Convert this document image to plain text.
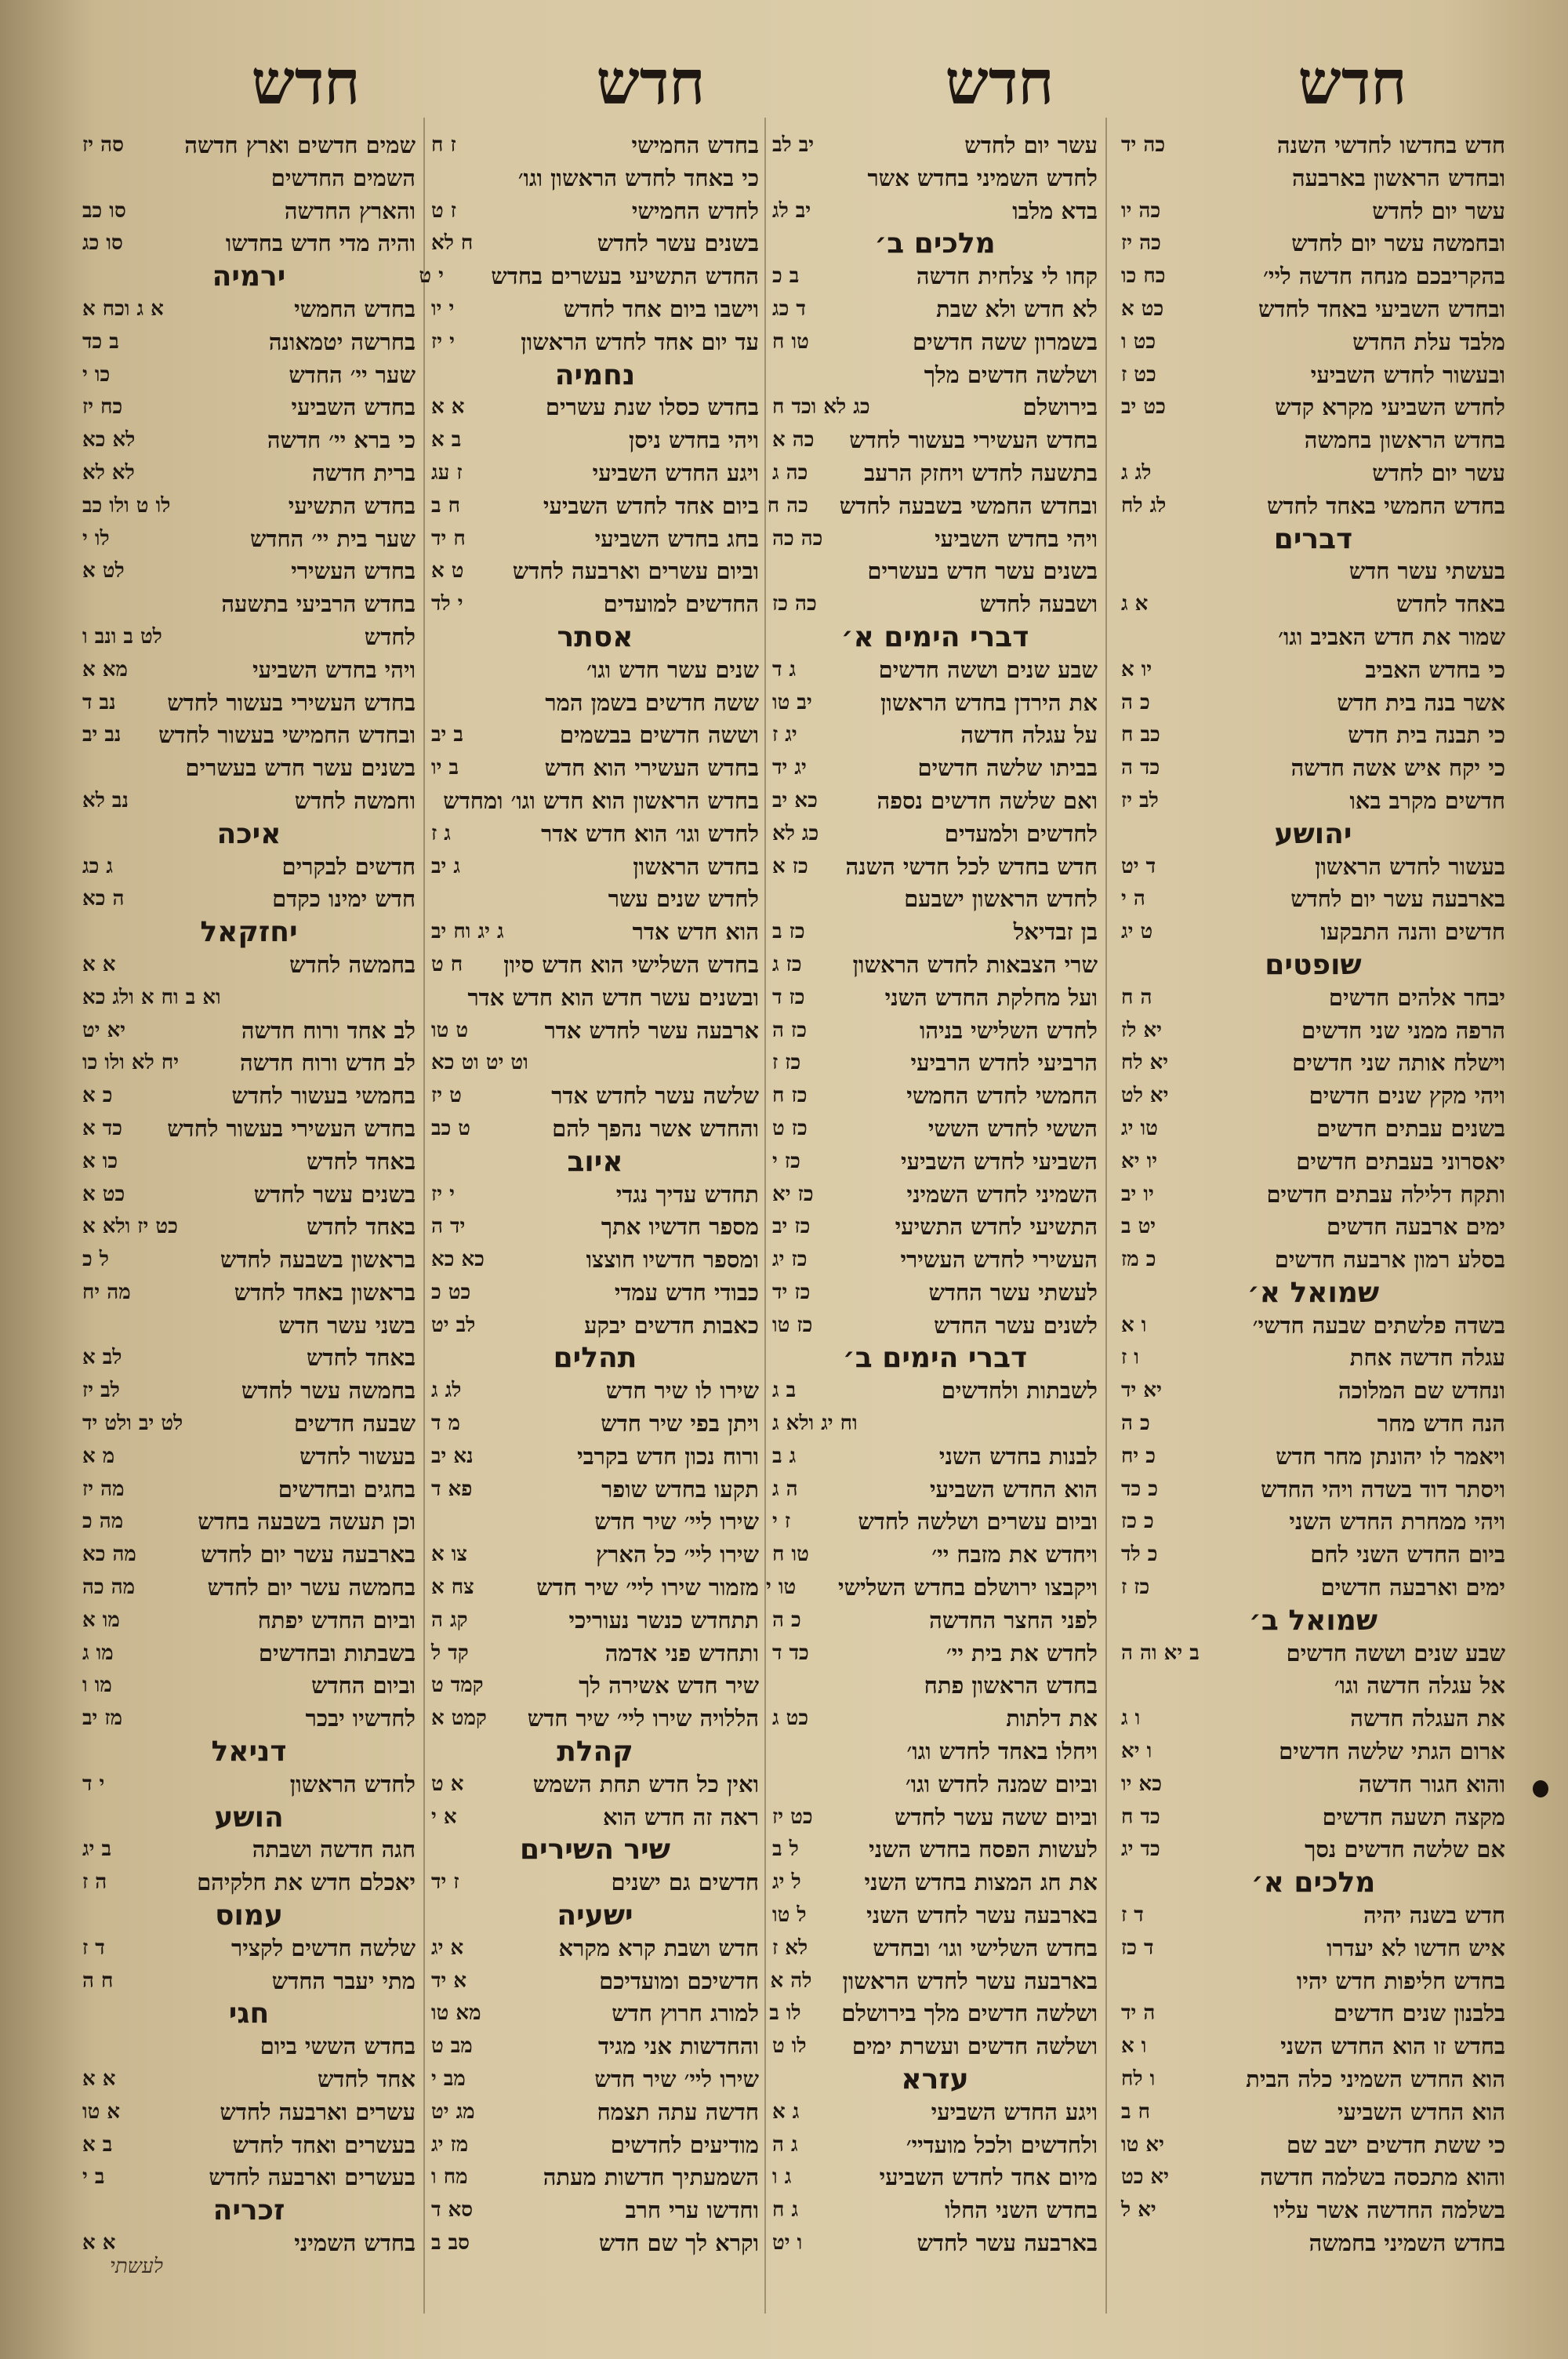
חדש
חדש
חדש
חדש
חדש בחדשו לחדשי השנה
כה יד
ובחדש הראשון בארבעה
עשר יום לחדש
כה יו
ובחמשה עשר יום לחדש
כה יז
בהקריבכם מנחה חדשה ליי׳
כח כו
ובחדש השביעי באחד לחדש
כט א
מלבד עלת החדש
כט ו
ובעשור לחדש השביעי
כט ז
לחדש השביעי מקרא קדש
כט יב
בחדש הראשון בחמשה
עשר יום לחדש
לג ג
בחדש החמשי באחד לחדש
לג לח
דברים
בעשתי עשר חדש
באחד לחדש
א ג
שמור את חדש האביב וגו׳
כי בחדש האביב
יו א
אשר בנה בית חדש
כ ה
כי תבנה בית חדש
כב ח
כי יקח איש אשה חדשה
כד ה
חדשים מקרב באו
לב יז
יהושע
בעשור לחדש הראשון
ד יט
בארבעה עשר יום לחדש
ה י
חדשים והנה התבקעו
ט יג
שופטים
יבחר אלהים חדשים
ה ח
הרפה ממני שני חדשים
יא לז
וישלח אותה שני חדשים
יא לח
ויהי מקץ שנים חדשים
יא לט
בשנים עבתים חדשים
טו יג
יאסרוני בעבתים חדשים
יו יא
ותקח דלילה עבתים חדשים
יו יב
ימים ארבעה חדשים
יט ב
בסלע רמון ארבעה חדשים
כ מז
שמואל א׳
בשדה פלשתים שבעה חדשי׳
ו א
עגלה חדשה אחת
ו ז
ונחדש שם המלוכה
יא יד
הנה חדש מחר
כ ה
ויאמר לו יהונתן מחר חדש
כ יח
ויסתר דוד בשדה ויהי החדש
כ כד
ויהי ממחרת החדש השני
כ כז
ביום החדש השני לחם
כ לד
ימים וארבעה חדשים
כז ז
שמואל ב׳
שבע שנים וששה חדשים
ב יא וה ה
אל עגלה חדשה וגו׳
את העגלה חדשה
ו ג
ארום הגתי שלשה חדשים
ו יא
והוא חגור חדשה
כא יו
מקצה תשעה חדשים
כד ח
אם שלשה חדשים נסך
כד יג
מלכים א׳
חדש בשנה יהיה
ד ז
איש חדשו לא יעדרו
ד כז
בחדש חליפות חדש יהיו
בלבנון שנים חדשים
ה יד
בחדש זו הוא החדש השני
ו א
הוא החדש השמיני כלה הבית
ו לח
הוא החדש השביעי
ח ב
כי ששת חדשים ישב שם
יא טו
והוא מתכסה בשלמה חדשה
יא כט
בשלמה החדשה אשר עליו
יא ל
בחדש השמיני בחמשה
עשר יום לחדש
יב לב
לחדש השמיני בחדש אשר
בדא מלבו
יב לג
מלכים ב׳
קחו לי צלחית חדשה
ב כ
לא חדש ולא שבת
ד כג
בשמרון ששה חדשים
טו ח
ושלשה חדשים מלך
בירושלם
כג לא וכד ח
בחדש העשירי בעשור לחדש
כה א
בתשעה לחדש ויחזק הרעב
כה ג
ובחדש החמשי בשבעה לחדש
כה ח
ויהי בחדש השביעי
כה כה
בשנים עשר חדש בעשרים
ושבעה לחדש
כה כז
דברי הימים א׳
שבע שנים וששה חדשים
ג ד
את הירדן בחדש הראשון
יב טו
על עגלה חדשה
יג ז
בביתו שלשה חדשים
יג יד
ואם שלשה חדשים נספה
כא יב
לחדשים ולמעדים
כג לא
חדש בחדש לכל חדשי השנה
כז א
לחדש הראשון ישבעם
בן זבדיאל
כז ב
שרי הצבאות לחדש הראשון
כז ג
ועל מחלקת החדש השני
כז ד
לחדש השלישי בניהו
כז ה
הרביעי לחדש הרביעי
כז ז
החמשי לחדש החמשי
כז ח
הששי לחדש הששי
כז ט
השביעי לחדש השביעי
כז י
השמיני לחדש השמיני
כז יא
התשיעי לחדש התשיעי
כז יב
העשירי לחדש העשירי
כז יג
לעשתי עשר החדש
כז יד
לשנים עשר החדש
כז טו
דברי הימים ב׳
לשבתות ולחדשים
ב ג
וח יג ולא ג
לבנות בחדש השני
ג ב
הוא החדש השביעי
ה ג
וביום עשרים ושלשה לחדש
ז י
ויחדש את מזבח יי׳
טו ח
ויקבצו ירושלם בחדש השלישי
טו י
לפני החצר החדשה
כ ה
לחדש את בית יי׳
כד ד
בחדש הראשון פתח
את דלתות
כט ג
ויחלו באחד לחדש וגו׳
וביום שמנה לחדש וגו׳
וביום ששה עשר לחדש
כט יז
לעשות הפסח בחדש השני
ל ב
את חג המצות בחדש השני
ל יג
בארבעה עשר לחדש השני
ל טו
בחדש השלישי וגו׳ ובחדש
לא ז
בארבעה עשר לחדש הראשון
לה א
ושלשה חדשים מלך בירושלם
לו ב
ושלשה חדשים ועשרת ימים
לו ט
עזרא
ויגע החדש השביעי
ג א
ולחדשים ולכל מועדיי׳
ג ה
מיום אחד לחדש השביעי
ג ו
בחדש השני החלו
ג ח
בארבעה עשר לחדש
ו יט
בחדש החמישי
ז ח
כי באחד לחדש הראשון וגו׳
לחדש החמישי
ז ט
בשנים עשר לחדש
ח לא
החדש התשיעי בעשרים בחדש
י ט
וישבו ביום אחד לחדש
י יו
עד יום אחד לחדש הראשון
י יז
נחמיה
בחדש כסלו שנת עשרים
א א
ויהי בחדש ניסן
ב א
ויגע החדש השביעי
ז עג
ביום אחד לחדש השביעי
ח ב
בחג בחדש השביעי
ח יד
וביום עשרים וארבעה לחדש
ט א
החדשים למועדים
י לד
אסתר
שנים עשר חדש וגו׳
ששה חדשים בשמן המר
וששה חדשים בבשמים
ב יב
בחדש העשירי הוא חדש
ב יו
בחדש הראשון הוא חדש וגו׳ ומחדש
לחדש וגו׳ הוא חדש אדר
ג ז
בחדש הראשון
ג יב
לחדש שנים עשר
הוא חדש אדר
ג יג וח יב
בחדש השלישי הוא חדש סיון
ח ט
ובשנים עשר חדש הוא חדש אדר
ארבעה עשר לחדש אדר
ט טו
וט יט וט כא
שלשה עשר לחדש אדר
ט יז
והחדש אשר נהפך להם
ט כב
איוב
תחדש עדיך נגדי
י יז
מספר חדשיו אתך
יד ה
ומספר חדשיו חוצצו
כא כא
כבודי חדש עמדי
כט כ
כאבות חדשים יבקע
לב יט
תהלים
שירו לו שיר חדש
לג ג
ויתן בפי שיר חדש
מ ד
ורוח נכון חדש בקרבי
נא יב
תקעו בחדש שופר
פא ד
שירו ליי׳ שיר חדש
שירו ליי׳ כל הארץ
צו א
מזמור שירו ליי׳ שיר חדש
צח א
תתחדש כנשר נעוריכי
קג ה
ותחדש פני אדמה
קד ל
שיר חדש אשירה לך
קמד ט
הללויה שירו ליי׳ שיר חדש
קמט א
קהלת
ואין כל חדש תחת השמש
א ט
ראה זה חדש הוא
א י
שיר השירים
חדשים גם ישנים
ז יד
ישעיה
חדש ושבת קרא מקרא
א יג
חדשיכם ומועדיכם
א יד
למורג חרוץ חדש
מא טו
והחדשות אני מגיד
מב ט
שירו ליי׳ שיר חדש
מב י
חדשה עתה תצמח
מג יט
מודיעים לחדשים
מז יג
השמעתיך חדשות מעתה
מח ו
וחדשו ערי חרב
סא ד
וקרא לך שם חדש
סב ב
שמים חדשים וארץ חדשה
סה יז
השמים החדשים
והארץ החדשה
סו כב
והיה מדי חדש בחדשו
סו כג
ירמיה
בחדש החמשי
א ג וכח א
בחרשה יטמאונה
ב כד
שער יי׳ החדש
כו י
בחדש השביעי
כח יז
כי ברא יי׳ חדשה
לא כא
ברית חדשה
לא לא
בחדש התשיעי
לו ט ולו כב
שער בית יי׳ החדש
לו י
בחדש העשירי
לט א
בחדש הרביעי בתשעה
לחדש
לט ב ונב ו
ויהי בחדש השביעי
מא א
בחדש העשירי בעשור לחדש
נב ד
ובחדש החמישי בעשור לחדש
נב יב
בשנים עשר חדש בעשרים
וחמשה לחדש
נב לא
איכה
חדשים לבקרים
ג כג
חדש ימינו כקדם
ה כא
יחזקאל
בחמשה לחדש
א א
וא ב וח א ולג כא
לב אחד ורוח חדשה
יא יט
לב חדש ורוח חדשה
יח לא ולו כו
בחמשי בעשור לחדש
כ א
בחדש העשירי בעשור לחדש
כד א
באחד לחדש
כו א
בשנים עשר לחדש
כט א
באחד לחדש
כט יז ולא א
בראשון בשבעה לחדש
ל כ
בראשון באחד לחדש
מה יח
בשני עשר חדש
באחד לחדש
לב א
בחמשה עשר לחדש
לב יז
שבעה חדשים
לט יב ולט יד
בעשור לחדש
מ א
בחגים ובחדשים
מה יז
וכן תעשה בשבעה בחדש
מה כ
בארבעה עשר יום לחדש
מה כא
בחמשה עשר יום לחדש
מה כה
וביום החדש יפתח
מו א
בשבתות ובחדשים
מו ג
וביום החדש
מו ו
לחדשיו יבכר
מז יב
דניאל
לחדש הראשון
י ד
הושע
חגה חדשה ושבתה
ב יג
יאכלם חדש את חלקיהם
ה ז
עמוס
שלשה חדשים לקציר
ד ז
מתי יעבר החדש
ח ה
חגי
בחדש הששי ביום
אחד לחדש
א א
עשרים וארבעה לחדש
א טו
בעשרים ואחד לחדש
ב א
בעשרים וארבעה לחדש
ב י
זכריה
בחדש השמיני
א א
לעשתי
